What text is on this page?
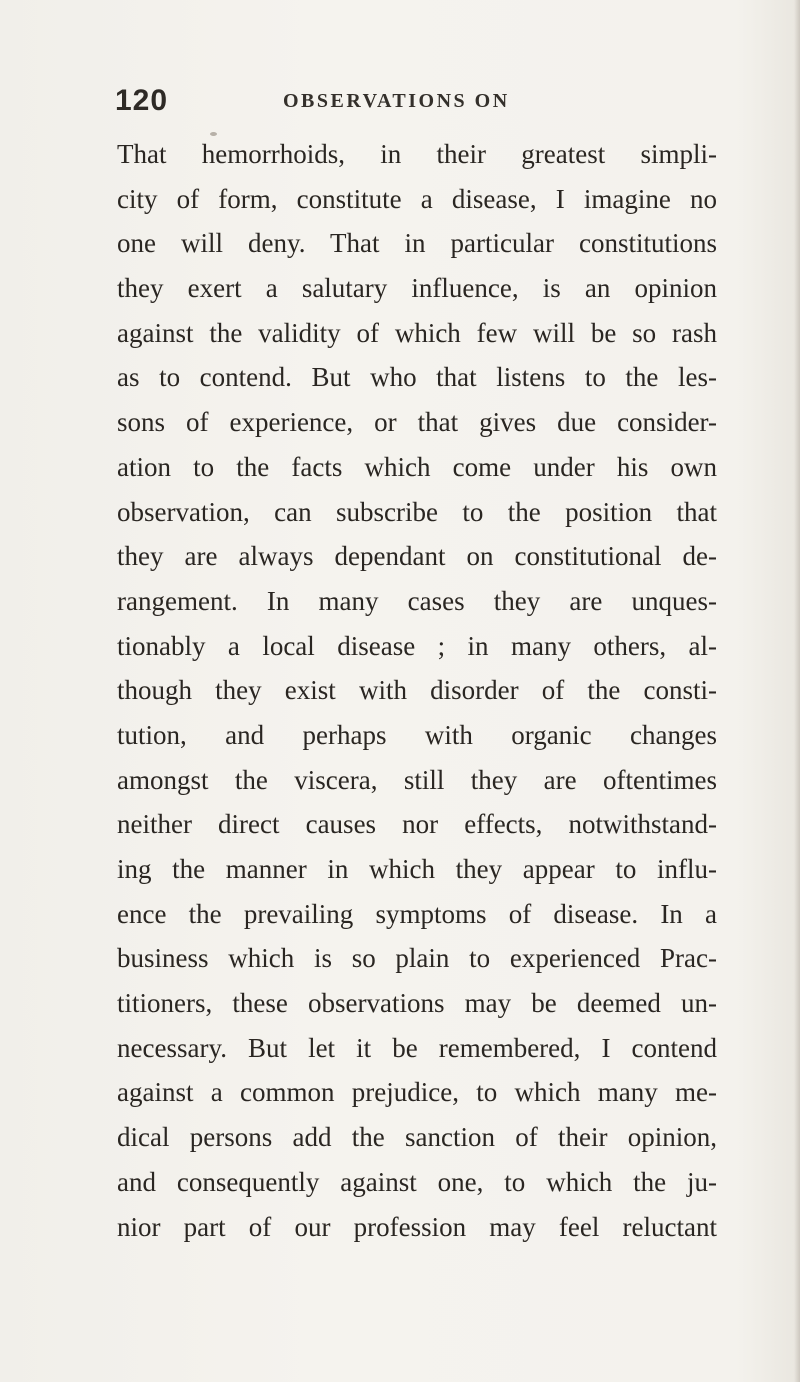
120	OBSERVATIONS ON
That hemorrhoids, in their greatest simpli-
city of form, constitute a disease, I imagine no
one will deny. That in particular constitutions
they exert a salutary influence, is an opinion
against the validity of which few will be so rash
as to contend. But who that listens to the les-
sons of experience, or that gives due consider-
ation to the facts which come under his own
observation, can subscribe to the position that
they are always dependant on constitutional de-
rangement. In many cases they are unques-
tionably a local disease ; in many others, al-
though they exist with disorder of the consti-
tution, and perhaps with organic changes
amongst the viscera, still they are oftentimes
neither direct causes nor effects, notwithstand-
ing the manner in which they appear to influ-
ence the prevailing symptoms of disease. In a
business which is so plain to experienced Prac-
titioners, these observations may be deemed un-
necessary. But let it be remembered, I contend
against a common prejudice, to which many me-
dical persons add the sanction of their opinion,
and consequently against one, to which the ju-
nior part of our profession may feel reluctant
